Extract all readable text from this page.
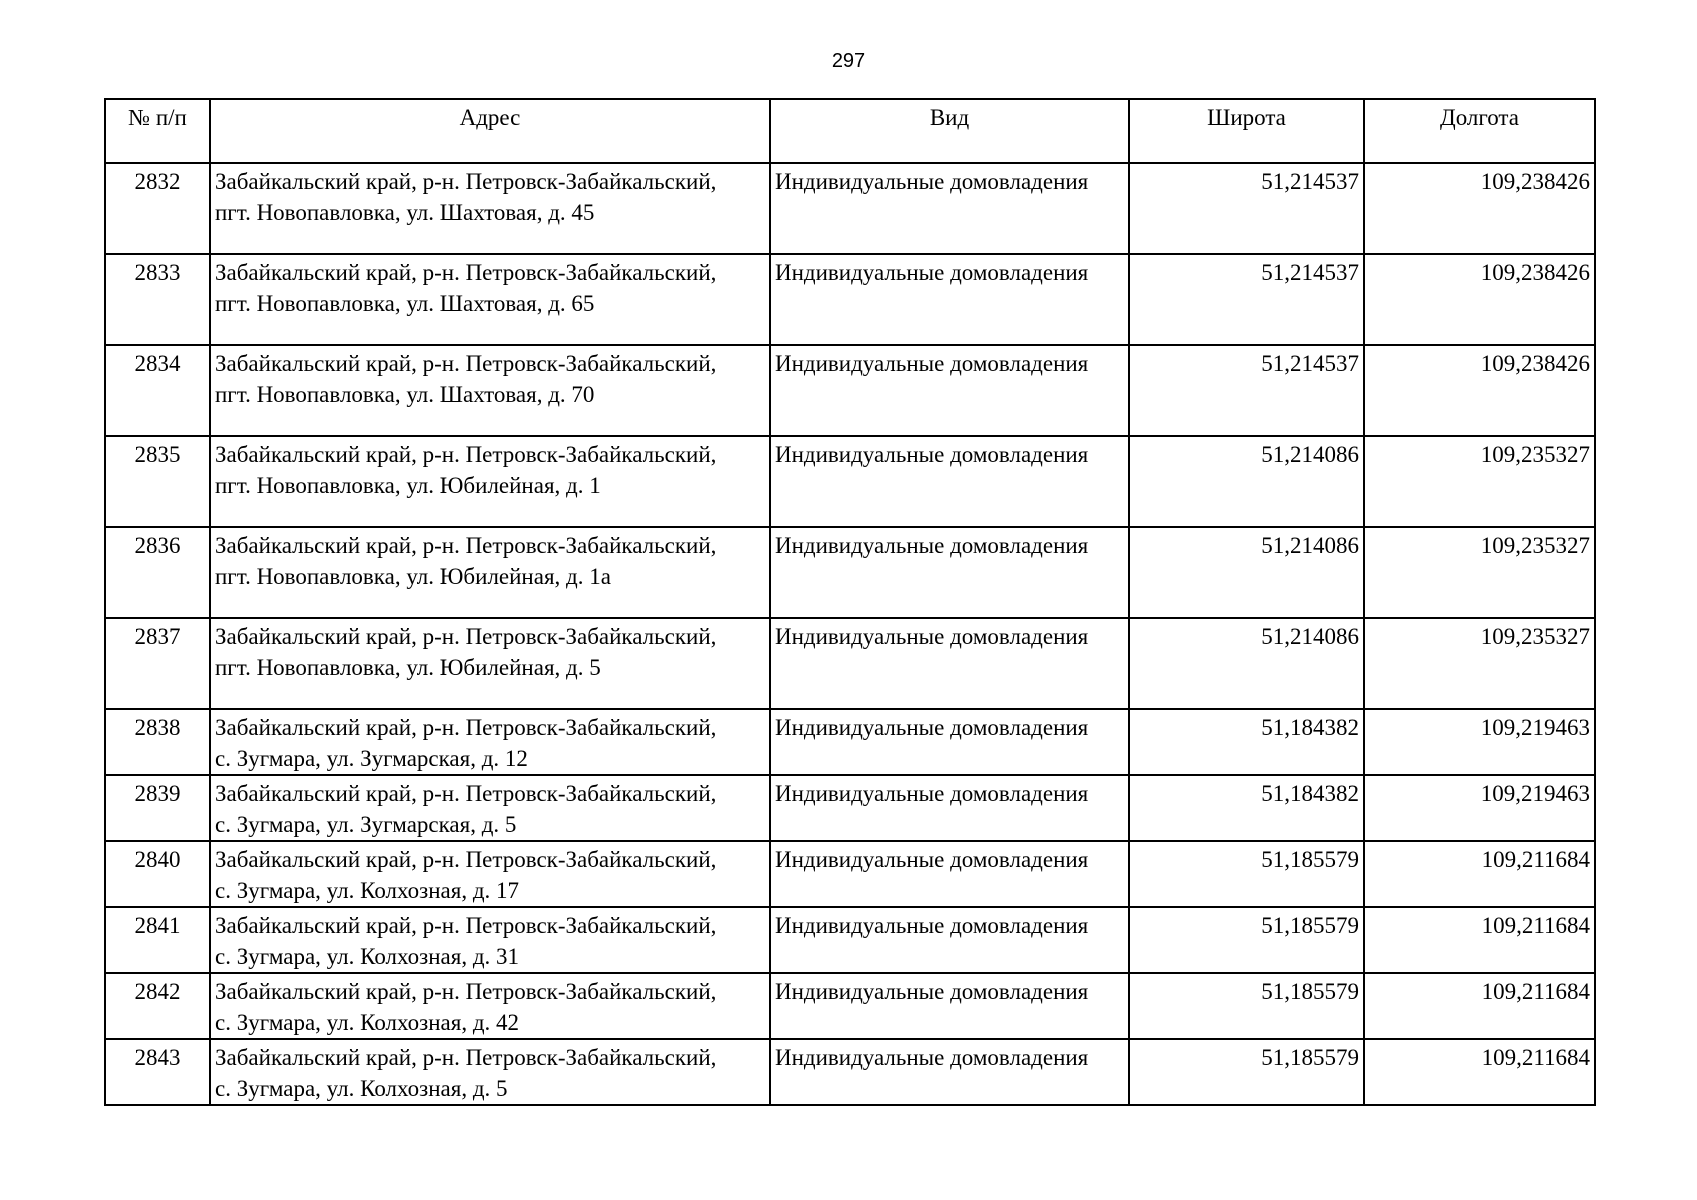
297
№ п/п	Адрес	Вид	Широта	Долгота
2832	Забайкальский край, р-н. Петровск-Забайкальский,
пгт. Новопавловка, ул. Шахтовая, д. 45	Индивидуальные домовладения	51,214537	109,238426
2833	Забайкальский край, р-н. Петровск-Забайкальский,
пгт. Новопавловка, ул. Шахтовая, д. 65	Индивидуальные домовладения	51,214537	109,238426
2834	Забайкальский край, р-н. Петровск-Забайкальский,
пгт. Новопавловка, ул. Шахтовая, д. 70	Индивидуальные домовладения	51,214537	109,238426
2835	Забайкальский край, р-н. Петровск-Забайкальский,
пгт. Новопавловка, ул. Юбилейная, д. 1	Индивидуальные домовладения	51,214086	109,235327
2836	Забайкальский край, р-н. Петровск-Забайкальский,
пгт. Новопавловка, ул. Юбилейная, д. 1а	Индивидуальные домовладения	51,214086	109,235327
2837	Забайкальский край, р-н. Петровск-Забайкальский,
пгт. Новопавловка, ул. Юбилейная, д. 5	Индивидуальные домовладения	51,214086	109,235327
2838	Забайкальский край, р-н. Петровск-Забайкальский,
с. Зугмара, ул. Зугмарская, д. 12	Индивидуальные домовладения	51,184382	109,219463
2839	Забайкальский край, р-н. Петровск-Забайкальский,
с. Зугмара, ул. Зугмарская, д. 5	Индивидуальные домовладения	51,184382	109,219463
2840	Забайкальский край, р-н. Петровск-Забайкальский,
с. Зугмара, ул. Колхозная, д. 17	Индивидуальные домовладения	51,185579	109,211684
2841	Забайкальский край, р-н. Петровск-Забайкальский,
с. Зугмара, ул. Колхозная, д. 31	Индивидуальные домовладения	51,185579	109,211684
2842	Забайкальский край, р-н. Петровск-Забайкальский,
с. Зугмара, ул. Колхозная, д. 42	Индивидуальные домовладения	51,185579	109,211684
2843	Забайкальский край, р-н. Петровск-Забайкальский,
с. Зугмара, ул. Колхозная, д. 5	Индивидуальные домовладения	51,185579	109,211684
